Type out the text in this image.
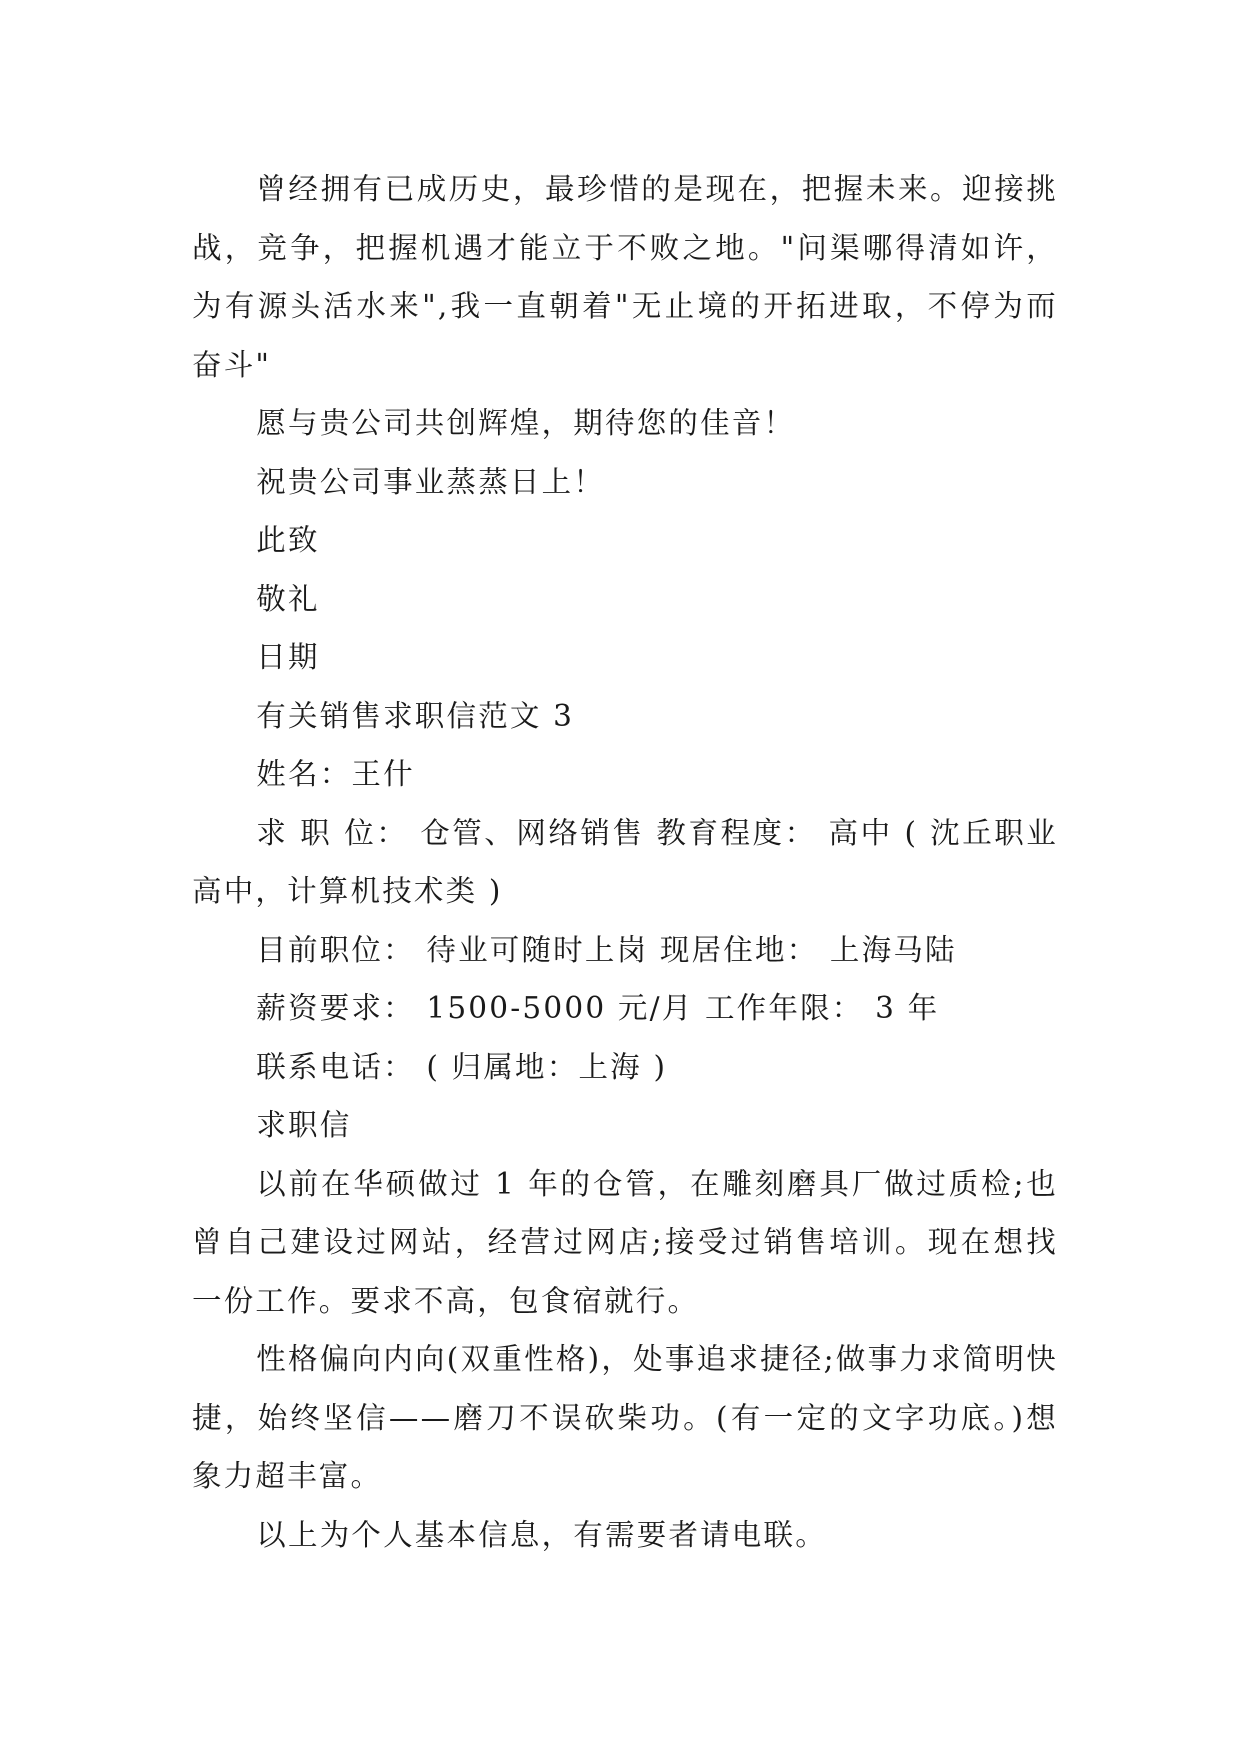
曾经拥有已成历史，最珍惜的是现在，把握未来。迎接挑战，竞争，把握机遇才能立于不败之地。"问渠哪得清如许，为有源头活水来",我一直朝着"无止境的开拓进取，不停为而奋斗"

愿与贵公司共创辉煌，期待您的佳音！

祝贵公司事业蒸蒸日上！

此致

敬礼

日期

有关销售求职信范文 3

姓名：王什

求 职 位： 仓管、网络销售 教育程度： 高中 ( 沈丘职业高中，计算机技术类 )

目前职位： 待业可随时上岗 现居住地： 上海马陆

薪资要求： 1500-5000 元/月 工作年限： 3 年

联系电话： ( 归属地：上海 )

求职信

以前在华硕做过 1 年的仓管，在雕刻磨具厂做过质检;也曾自己建设过网站，经营过网店;接受过销售培训。现在想找一份工作。要求不高，包食宿就行。

性格偏向内向(双重性格)，处事追求捷径;做事力求简明快捷，始终坚信——磨刀不误砍柴功。(有一定的文字功底。)想象力超丰富。

以上为个人基本信息，有需要者请电联。
